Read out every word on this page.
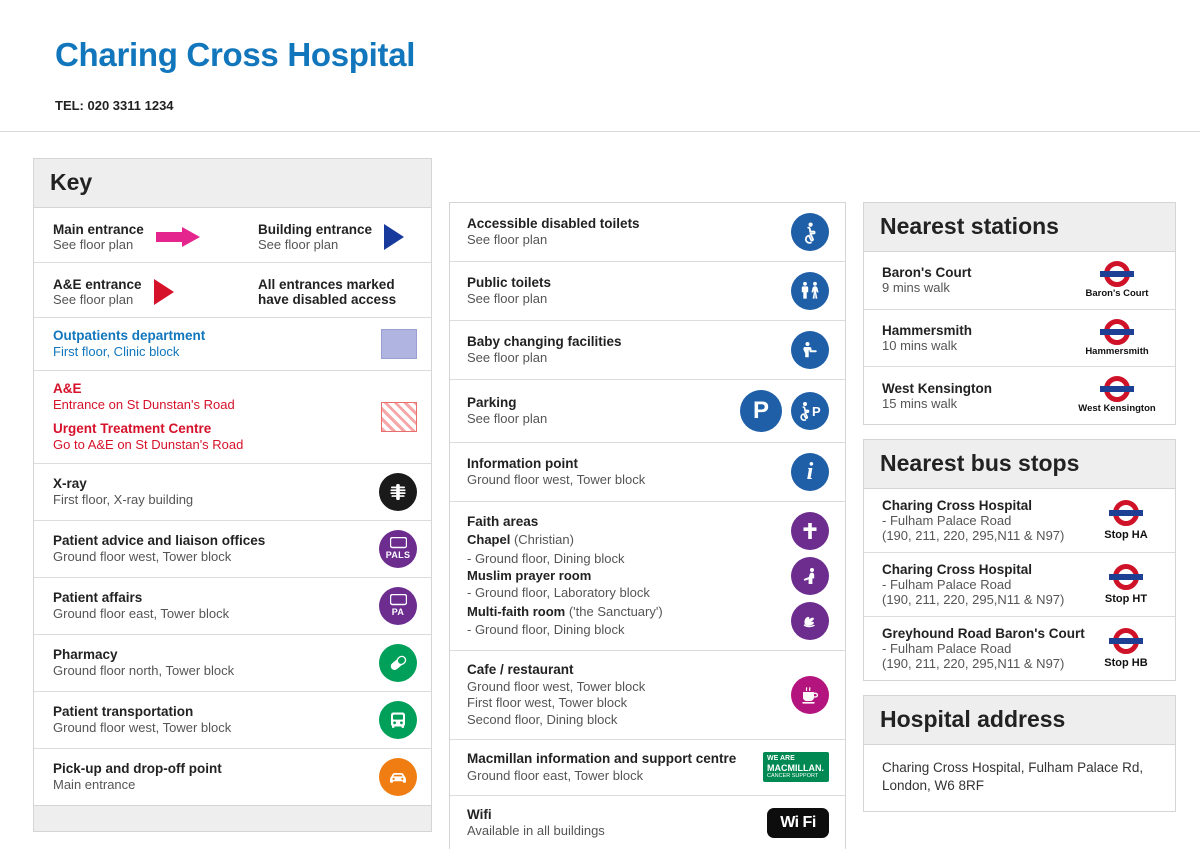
Charing Cross Hospital
TEL: 020 3311 1234
Key
Main entrance
See floor plan
Building entrance
See floor plan
A&E entrance
See floor plan
All entrances marked
have disabled access
Outpatients department
First floor, Clinic block
A&E
Entrance on St Dunstan's Road
Urgent Treatment Centre
Go to A&E on St Dunstan's Road
X-ray
First floor, X-ray building
Patient advice and liaison offices
Ground floor west, Tower block	PALS
Patient affairs
Ground floor east, Tower block	PA
Pharmacy
Ground floor north, Tower block
Patient transportation
Ground floor west, Tower block
Pick-up and drop-off point
Main entrance
Accessible disabled toilets
See floor plan
Public toilets
See floor plan
Baby changing facilities
See floor plan
Parking
See floor plan	P	P
Information point
Ground floor west, Tower block	i
Faith areas
Chapel (Christian)
- Ground floor, Dining block
Muslim prayer room
- Ground floor, Laboratory block
Multi-faith room ('the Sanctuary')
- Ground floor, Dining block
Cafe / restaurant
Ground floor west, Tower block
First floor west, Tower block
Second floor, Dining block
Macmillan information and support centre
Ground floor east, Tower block
WE ARE
MACMILLAN.
CANCER SUPPORT
Wifi
Available in all buildings	Wi Fi
Nearest stations
Baron's Court
9 mins walk	Baron's Court
Hammersmith
10 mins walk	Hammersmith
West Kensington
15 mins walk	West Kensington
Nearest bus stops
Charing Cross Hospital
- Fulham Palace Road
(190, 211, 220, 295,N11 & N97)	Stop HA
Charing Cross Hospital
- Fulham Palace Road
(190, 211, 220, 295,N11 & N97)	Stop HT
Greyhound Road Baron's Court
- Fulham Palace Road
(190, 211, 220, 295,N11 & N97)	Stop HB
Hospital address
Charing Cross Hospital, Fulham Palace Rd, London, W6 8RF
